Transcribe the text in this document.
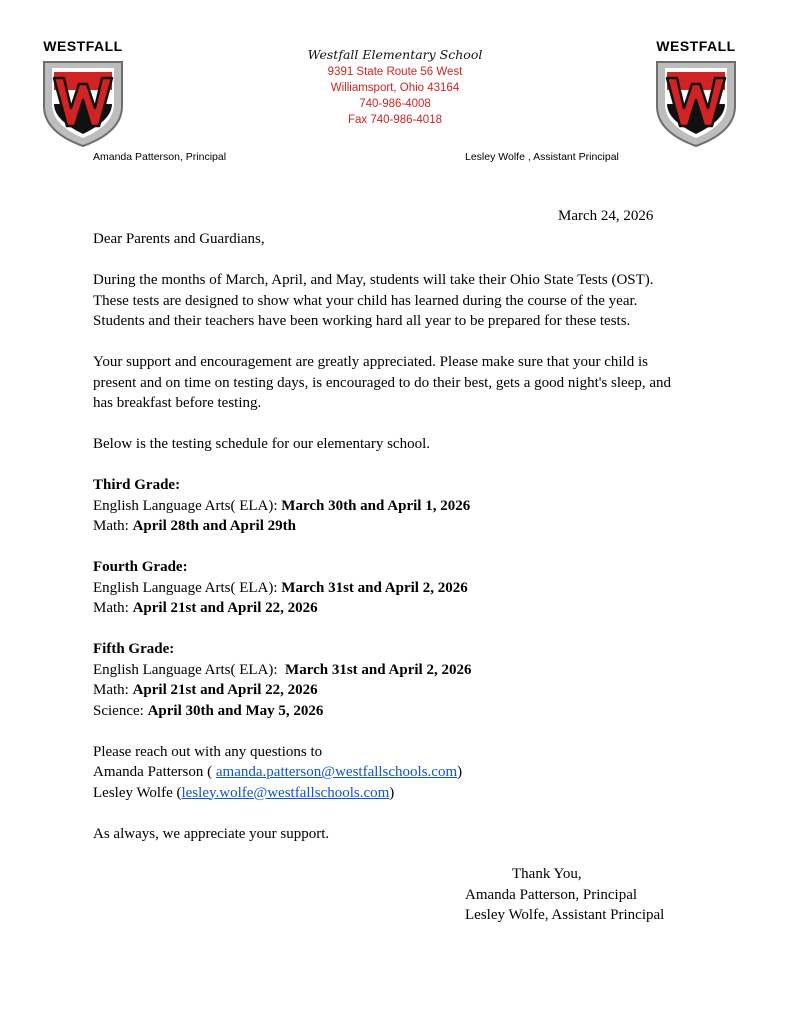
WESTFALL	WESTFALL
Westfall Elementary School
9391 State Route 56 West
Williamsport, Ohio 43164
740-986-4008
Fax 740-986-4018
Amanda Patterson, Principal	Lesley Wolfe , Assistant Principal
March 24, 2026

Dear Parents and Guardians,

During the months of March, April, and May, students will take their Ohio State Tests (OST).
These tests are designed to show what your child has learned during the course of the year.
Students and their teachers have been working hard all year to be prepared for these tests.

Your support and encouragement are greatly appreciated. Please make sure that your child is
present and on time on testing days, is encouraged to do their best, gets a good night's sleep, and
has breakfast before testing.

Below is the testing schedule for our elementary school.

Third Grade:
English Language Arts( ELA): March 30th and April 1, 2026
Math: April 28th and April 29th

Fourth Grade:
English Language Arts( ELA): March 31st and April 2, 2026
Math: April 21st and April 22, 2026

Fifth Grade:
English Language Arts( ELA):  March 31st and April 2, 2026
Math: April 21st and April 22, 2026
Science: April 30th and May 5, 2026

Please reach out with any questions to
Amanda Patterson ( amanda.patterson@westfallschools.com)
Lesley Wolfe (lesley.wolfe@westfallschools.com)

As always, we appreciate your support.

Thank You,
Amanda Patterson, Principal
Lesley Wolfe, Assistant Principal
